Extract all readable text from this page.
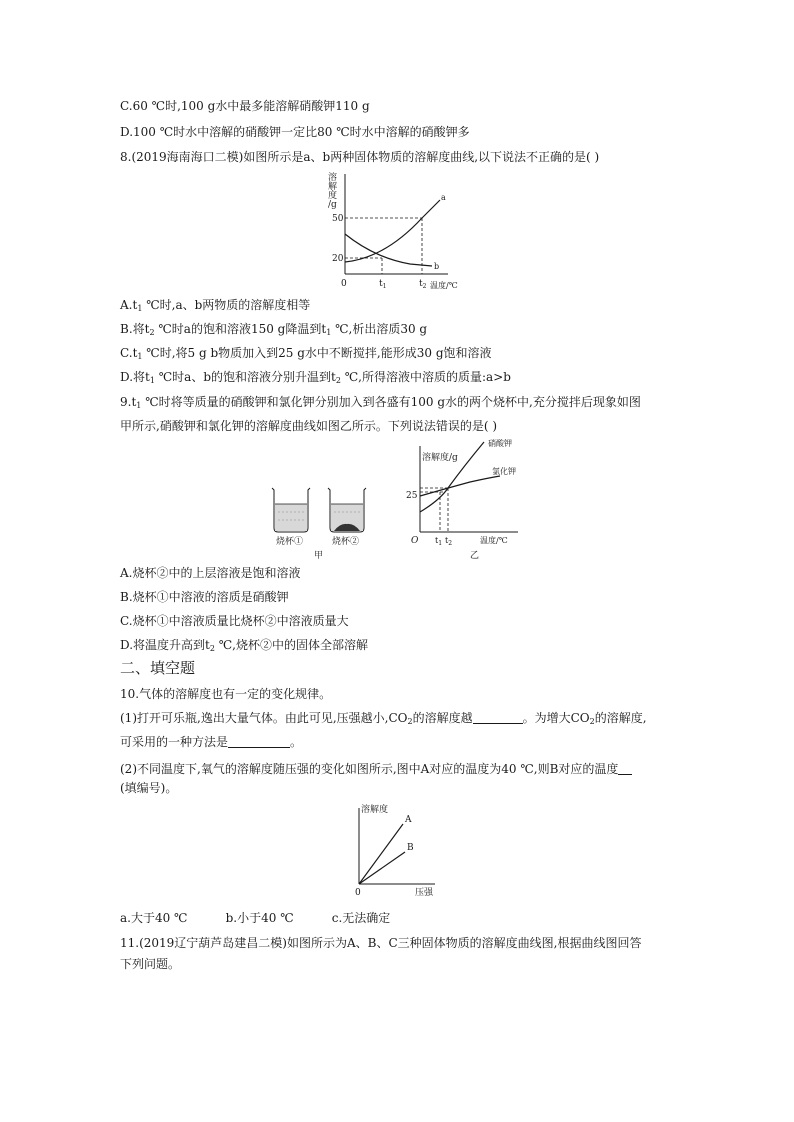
C.60 ℃时,100 g水中最多能溶解硝酸钾110 g
D.100 ℃时水中溶解的硝酸钾一定比80 ℃时水中溶解的硝酸钾多
8.(2019海南海口二模)如图所示是a、b两种固体物质的溶解度曲线,以下说法不正确的是( )
溶
解
度
/g
50
20
0	$t_1$	$t_2$ 温度/℃
a
b
$A.t_1$ ℃时,a、b两物质的溶解度相等
B.将$t_2$ ℃时a的饱和溶液150 g降温到$t_1$ ℃,析出溶质30 g
$C.t_1$ ℃时,将5 g b物质加入到25 g水中不断搅拌,能形成30 g饱和溶液
D.将$t_1$ ℃时a、b的饱和溶液分别升温到$t_2$ ℃,所得溶液中溶质的质量:a>b
$9.t_1$ ℃时将等质量的硝酸钾和氯化钾分别加入到各盛有100 g水的两个烧杯中,充分搅拌后现象如图
甲所示,硝酸钾和氯化钾的溶解度曲线如图乙所示。下列说法错误的是( )
烧杯①	烧杯②
甲
溶解度/g
25
O $t_1$ $t_2$	温度/℃
乙
硝酸钾
氯化钾
A.烧杯②中的上层溶液是饱和溶液
B.烧杯①中溶液的溶质是硝酸钾
C.烧杯①中溶液质量比烧杯②中溶液质量大
D.将温度升高到$t_2$ ℃,烧杯②中的固体全部溶解
二、填空题
10.气体的溶解度也有一定的变化规律。
(1)打开可乐瓶,逸出大量气体。由此可见,压强越小$,CO_2$的溶解度越	。为增大$CO_2$的溶解度,
可采用的一种方法是	。
(2)不同温度下,氧气的溶解度随压强的变化如图所示,图中A对应的温度为40 ℃,则B对应的温度
(填编号)。
溶解度
0	压强
A
B
a.大于40 ℃          b.小于40 ℃          c.无法确定
11.(2019辽宁葫芦岛建昌二模)如图所示为A、B、C三种固体物质的溶解度曲线图,根据曲线图回答
下列问题。
